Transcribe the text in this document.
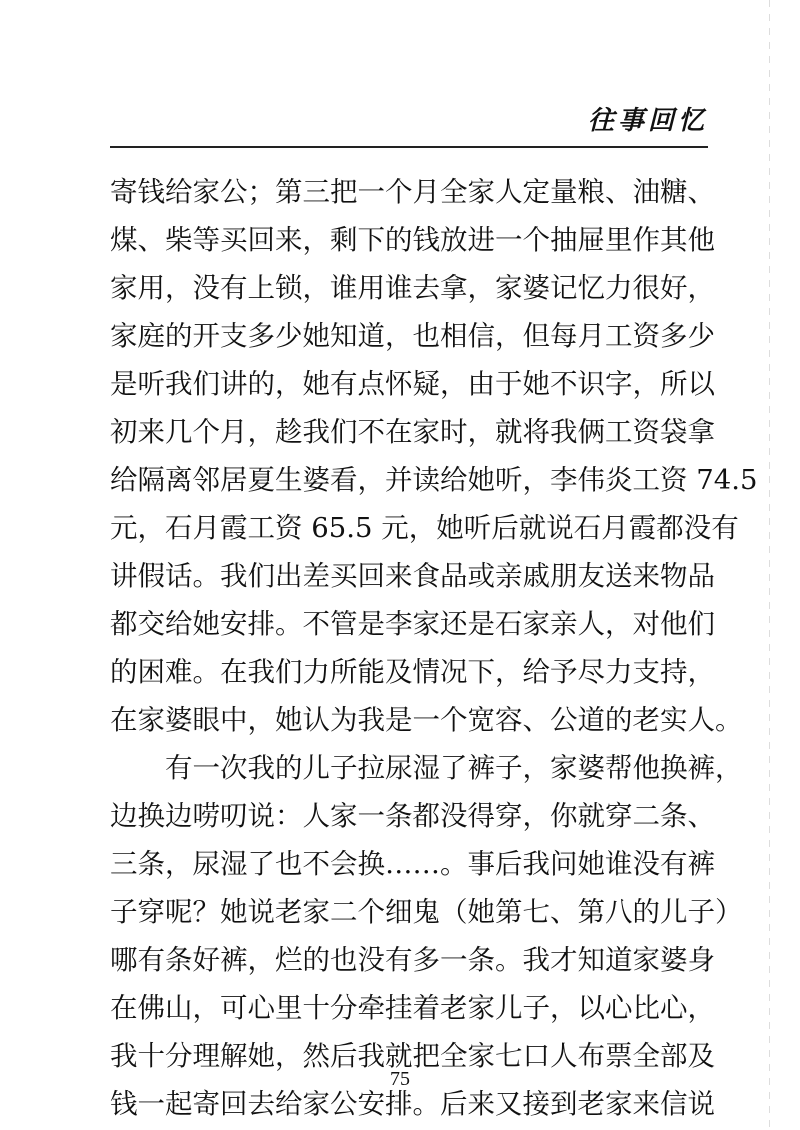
往事回忆
寄钱给家公；第三把一个月全家人定量粮、油糖、
煤、柴等买回来，剩下的钱放进一个抽屉里作其他
家用，没有上锁，谁用谁去拿，家婆记忆力很好，
家庭的开支多少她知道，也相信，但每月工资多少
是听我们讲的，她有点怀疑，由于她不识字，所以
初来几个月，趁我们不在家时，就将我俩工资袋拿
给隔离邻居夏生婆看，并读给她听，李伟炎工资 74.5
元，石月霞工资 65.5 元，她听后就说石月霞都没有
讲假话。我们出差买回来食品或亲戚朋友送来物品
都交给她安排。不管是李家还是石家亲人，对他们
的困难。在我们力所能及情况下，给予尽力支持，
在家婆眼中，她认为我是一个宽容、公道的老实人。
有一次我的儿子拉尿湿了裤子，家婆帮他换裤，
边换边唠叨说：人家一条都没得穿，你就穿二条、
三条，尿湿了也不会换……。事后我问她谁没有裤
子穿呢？她说老家二个细鬼（她第七、第八的儿子）
哪有条好裤，烂的也没有多一条。我才知道家婆身
在佛山，可心里十分牵挂着老家儿子，以心比心，
我十分理解她，然后我就把全家七口人布票全部及
钱一起寄回去给家公安排。后来又接到老家来信说
75
